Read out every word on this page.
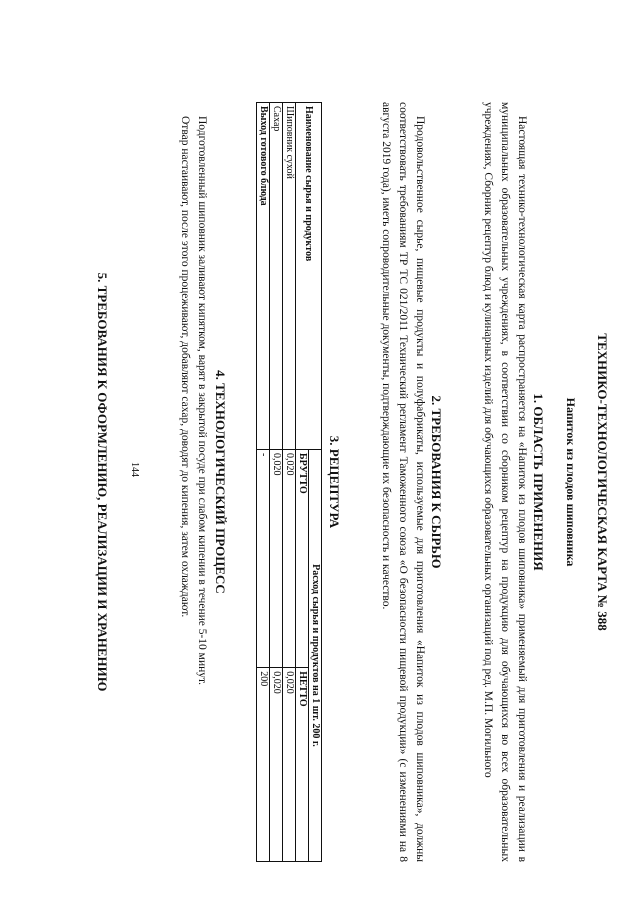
ТЕХНИКО-ТЕХНОЛОГИЧЕСКАЯ КАРТА № 388
Напиток из плодов шиповника
1. ОБЛАСТЬ ПРИМЕНЕНИЯ

Настоящая технико-технологическая карта распространяется на «Напиток из плодов шиповника» применяемый для приготовления и реализации в муниципальных образовательных учреждениях, в соответствии со сборником рецептур на продукцию для обучающихся во всех образовательных учреждениях, Сборник рецептур блюд и кулинарных изделий для обучающихся образовательных организаций под ред. М.П. Могильного

2. ТРЕБОВАНИЯ К СЫРЬЮ

Продовольственное сырье, пищевые продукты и полуфабрикаты, используемые для приготовления «Напиток из плодов шиповника», должны соответствовать требованиям ТР ТС 021/2011 Технический регламент Таможенного союза «О безопасности пищевой продукции» (с изменениями на 8 августа 2019 года), иметь сопроводительные документы, подтверждающие их безопасность и качество.

3. РЕЦЕПТУРА
Наименование сырья и продуктов	Расход сырья и продуктов на 1 шт. 200 г.	
	БРУТТО	НЕТТО
Шиповник сухой	0,020	0,020
Сахар	0,020	0,020
Выход готового блюда	-	200
4. ТЕХНОЛОГИЧЕСКИЙ ПРОЦЕСС

Подготовленный шиповник заливают кипятком, варят в закрытой посуде при слабом кипении в течение 5-10 минут.

Отвар настаивают, после этого процеживают, добавляют сахар, доводят до кипения, затем охлаждают.

144
5. ТРЕБОВАНИЯ К ОФОРМЛЕНИЮ, РЕАЛИЗАЦИИ И ХРАНЕНИЮ
